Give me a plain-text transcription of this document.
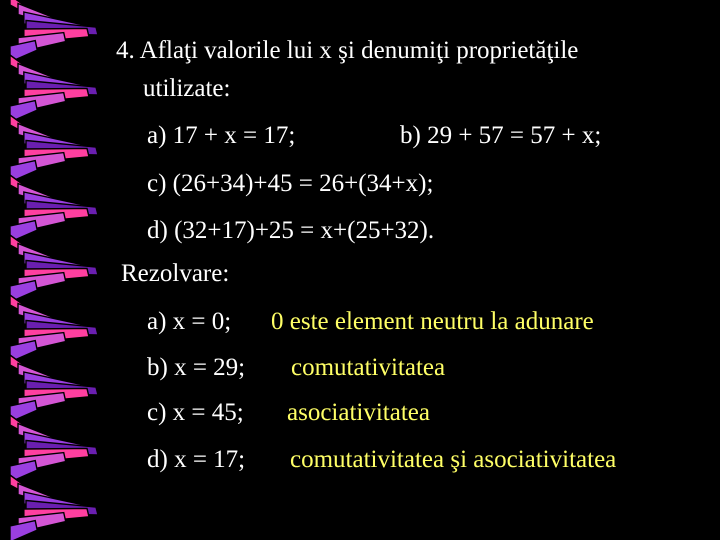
4. Aflaţi valorile lui x şi denumiţi proprietăţile
utilizate:
a) 17 + x = 17;	b) 29 + 57 = 57 + x;
c) (26+34)+45 = 26+(34+x);
d) (32+17)+25 = x+(25+32).
Rezolvare:
a) x = 0; 0 este element neutru la adunare
b) x = 29; comutativitatea
c) x = 45; asociativitatea
d) x = 17; comutativitatea şi asociativitatea
